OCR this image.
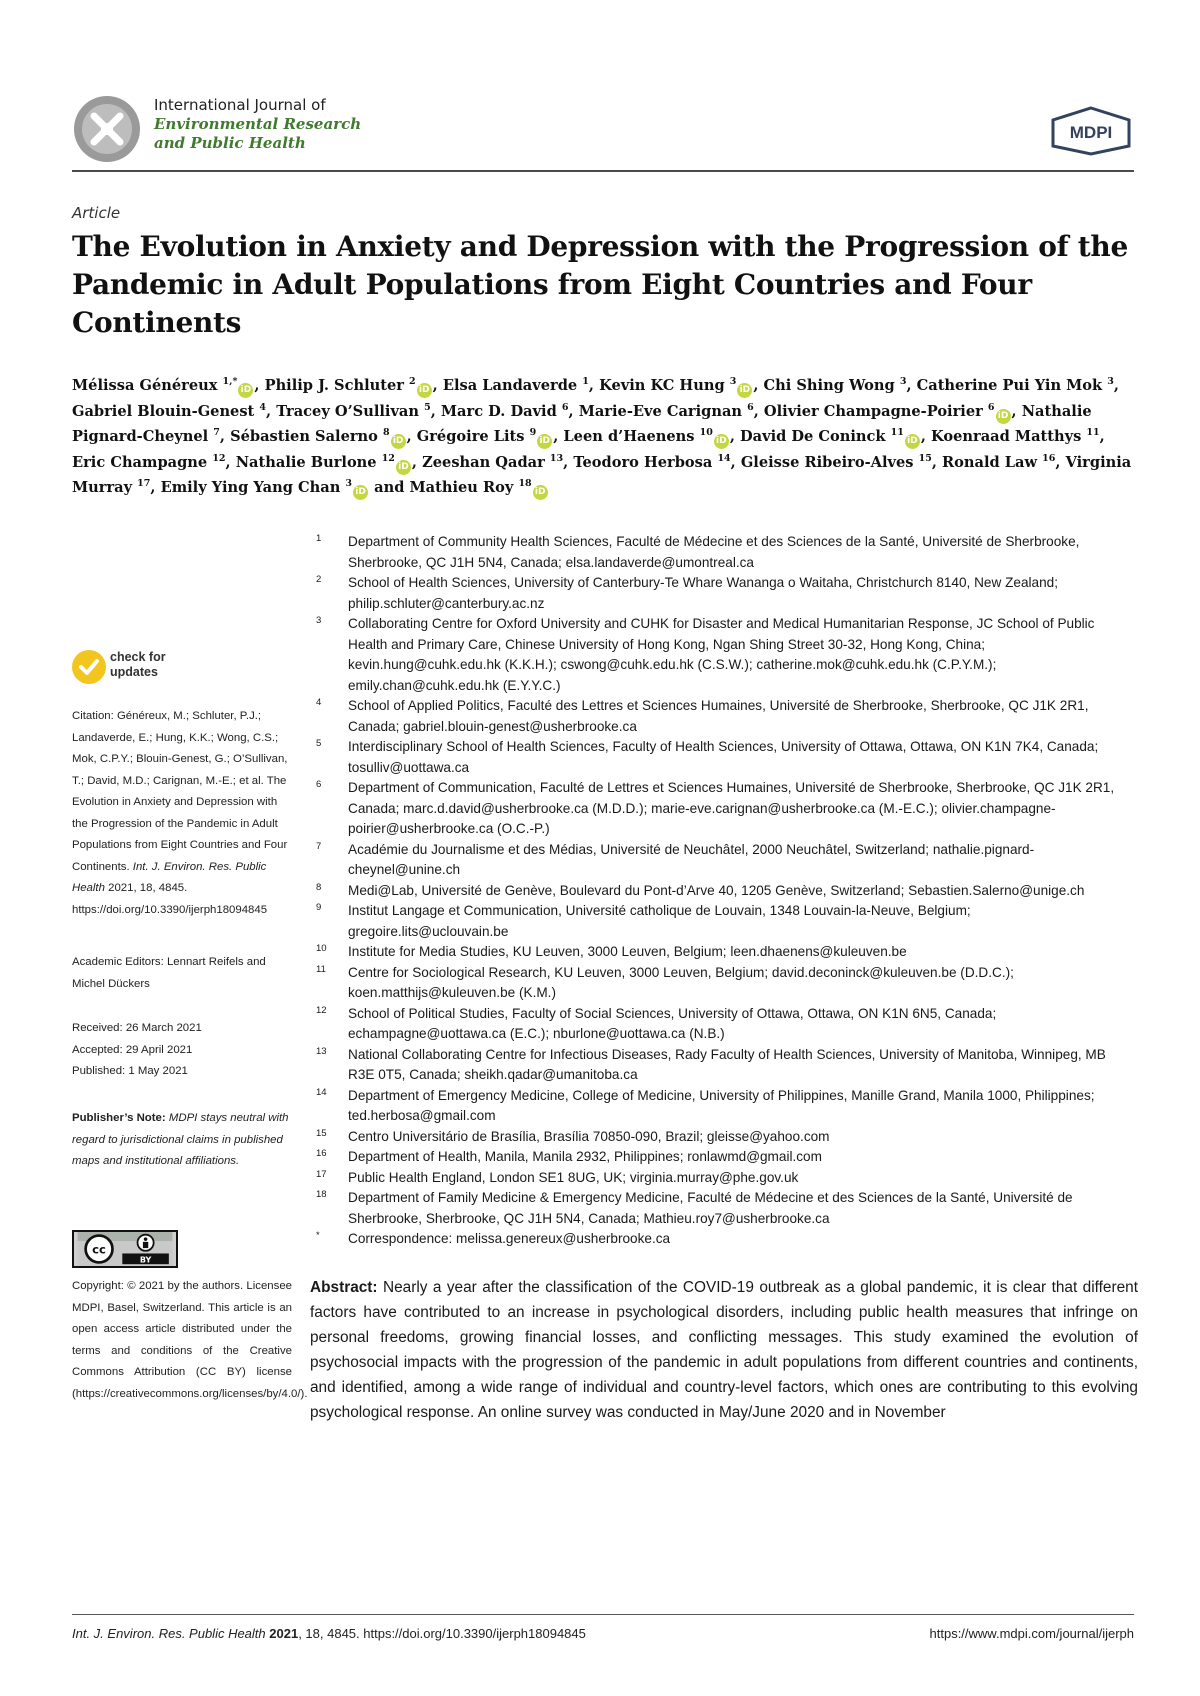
International Journal of
Environmental Research
and Public Health
MDPI
Article
The Evolution in Anxiety and Depression with the Progression of the Pandemic in Adult Populations from Eight Countries and Four Continents
Mélissa Généreux $^{1,*}$iD , Philip J. Schluter $^2$iD , Elsa Landaverde $^1$, Kevin KC Hung $^3$iD , Chi Shing Wong $^3$, Catherine Pui Yin Mok $^3$, Gabriel Blouin-Genest $^4$, Tracey O’Sullivan $^5$, Marc D. David $^6$, Marie-Eve Carignan $^6$, Olivier Champagne-Poirier $^6$iD , Nathalie Pignard-Cheynel $^7$, Sébastien Salerno $^8$iD , Grégoire Lits $^9$iD , Leen d’Haenens $^{10}$iD , David De Coninck $^{11}$iD , Koenraad Matthys $^{11}$, Eric Champagne $^{12}$, Nathalie Burlone $^{12}$iD , Zeeshan Qadar $^{13}$, Teodoro Herbosa $^{14}$, Gleisse Ribeiro-Alves $^{15}$, Ronald Law $^{16}$, Virginia Murray $^{17}$, Emily Ying Yang Chan $^3$iD and Mathieu Roy $^{18}$iD
1 Department of Community Health Sciences, Faculté de Médecine et des Sciences de la Santé, Université de Sherbrooke, Sherbrooke, QC J1H 5N4, Canada; elsa.landaverde@umontreal.ca
2 School of Health Sciences, University of Canterbury-Te Whare Wananga o Waitaha, Christchurch 8140, New Zealand; philip.schluter@canterbury.ac.nz
3 Collaborating Centre for Oxford University and CUHK for Disaster and Medical Humanitarian Response, JC School of Public Health and Primary Care, Chinese University of Hong Kong, Ngan Shing Street 30-32, Hong Kong, China; kevin.hung@cuhk.edu.hk (K.K.H.); cswong@cuhk.edu.hk (C.S.W.); catherine.mok@cuhk.edu.hk (C.P.Y.M.); emily.chan@cuhk.edu.hk (E.Y.Y.C.)
4 School of Applied Politics, Faculté des Lettres et Sciences Humaines, Université de Sherbrooke, Sherbrooke, QC J1K 2R1, Canada; gabriel.blouin-genest@usherbrooke.ca
5 Interdisciplinary School of Health Sciences, Faculty of Health Sciences, University of Ottawa, Ottawa, ON K1N 7K4, Canada; tosulliv@uottawa.ca
6 Department of Communication, Faculté de Lettres et Sciences Humaines, Université de Sherbrooke, Sherbrooke, QC J1K 2R1, Canada; marc.d.david@usherbrooke.ca (M.D.D.); marie-eve.carignan@usherbrooke.ca (M.-E.C.); olivier.champagne-poirier@usherbrooke.ca (O.C.-P.)
7 Académie du Journalisme et des Médias, Université de Neuchâtel, 2000 Neuchâtel, Switzerland; nathalie.pignard-cheynel@unine.ch
8 Medi@Lab, Université de Genève, Boulevard du Pont-d’Arve 40, 1205 Genève, Switzerland; Sebastien.Salerno@unige.ch
9 Institut Langage et Communication, Université catholique de Louvain, 1348 Louvain-la-Neuve, Belgium; gregoire.lits@uclouvain.be
10 Institute for Media Studies, KU Leuven, 3000 Leuven, Belgium; leen.dhaenens@kuleuven.be
11 Centre for Sociological Research, KU Leuven, 3000 Leuven, Belgium; david.deconinck@kuleuven.be (D.D.C.); koen.matthijs@kuleuven.be (K.M.)
12 School of Political Studies, Faculty of Social Sciences, University of Ottawa, Ottawa, ON K1N 6N5, Canada; echampagne@uottawa.ca (E.C.); nburlone@uottawa.ca (N.B.)
13 National Collaborating Centre for Infectious Diseases, Rady Faculty of Health Sciences, University of Manitoba, Winnipeg, MB R3E 0T5, Canada; sheikh.qadar@umanitoba.ca
14 Department of Emergency Medicine, College of Medicine, University of Philippines, Manille Grand, Manila 1000, Philippines; ted.herbosa@gmail.com
15 Centro Universitário de Brasília, Brasília 70850-090, Brazil; gleisse@yahoo.com
16 Department of Health, Manila, Manila 2932, Philippines; ronlawmd@gmail.com
17 Public Health England, London SE1 8UG, UK; virginia.murray@phe.gov.uk
18 Department of Family Medicine & Emergency Medicine, Faculté de Médecine et des Sciences de la Santé, Université de Sherbrooke, Sherbrooke, QC J1H 5N4, Canada; Mathieu.roy7@usherbrooke.ca
* Correspondence: melissa.genereux@usherbrooke.ca
check for
updates
Citation: Généreux, M.; Schluter, P.J.; Landaverde, E.; Hung, K.K.; Wong, C.S.; Mok, C.P.Y.; Blouin-Genest, G.; O’Sullivan, T.; David, M.D.; Carignan, M.-E.; et al. The Evolution in Anxiety and Depression with the Progression of the Pandemic in Adult Populations from Eight Countries and Four Continents. Int. J. Environ. Res. Public Health 2021, 18, 4845. https://doi.org/10.3390/ijerph18094845
Academic Editors: Lennart Reifels and Michel Dückers
Received: 26 March 2021
Accepted: 29 April 2021
Published: 1 May 2021
Publisher’s Note: MDPI stays neutral with regard to jurisdictional claims in published maps and institutional affiliations.
cc
BY
Copyright: © 2021 by the authors. Licensee MDPI, Basel, Switzerland. This article is an open access article distributed under the terms and conditions of the Creative Commons Attribution (CC BY) license (https://creativecommons.org/licenses/by/4.0/).
Abstract: Nearly a year after the classification of the COVID-19 outbreak as a global pandemic, it is clear that different factors have contributed to an increase in psychological disorders, including public health measures that infringe on personal freedoms, growing financial losses, and conflicting messages. This study examined the evolution of psychosocial impacts with the progression of the pandemic in adult populations from different countries and continents, and identified, among a wide range of individual and country-level factors, which ones are contributing to this evolving psychological response. An online survey was conducted in May/June 2020 and in November
Int. J. Environ. Res. Public Health 2021, 18, 4845. https://doi.org/10.3390/ijerph18094845	https://www.mdpi.com/journal/ijerph
